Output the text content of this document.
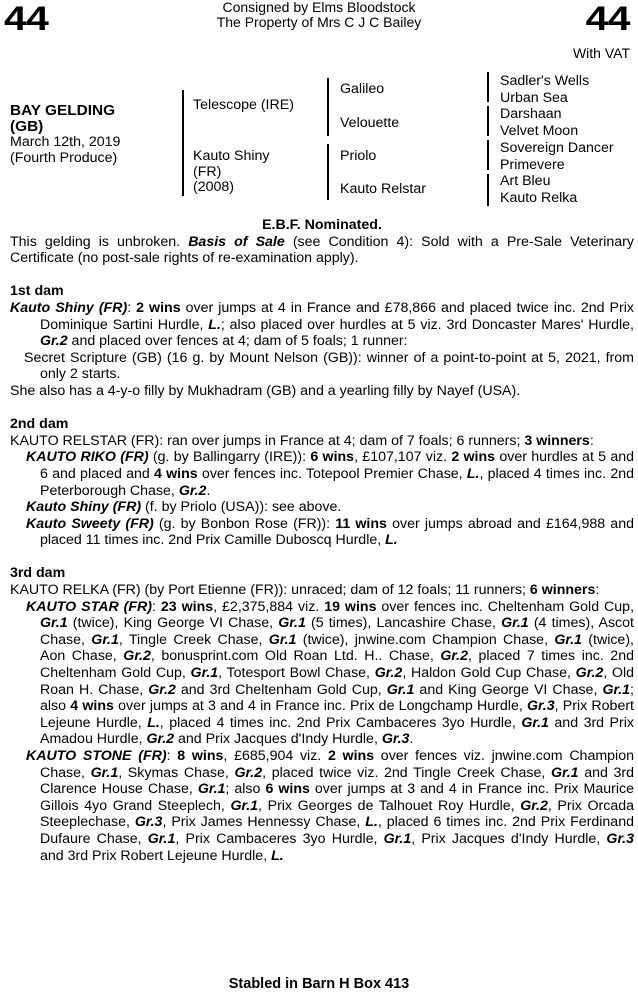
44	44
Consigned by Elms Bloodstock
The Property of Mrs C J C Bailey
With VAT
BAY GELDING
(GB)
March 12th, 2019
(Fourth Produce)
Telescope (IRE)
Kauto Shiny
(FR)
(2008)
Galileo
Velouette
Priolo
Kauto Relstar
Sadler's Wells
Urban Sea
Darshaan
Velvet Moon
Sovereign Dancer
Primevere
Art Bleu
Kauto Relka

E.B.F. Nominated.

This gelding is unbroken. Basis of Sale (see Condition 4): Sold with a Pre-Sale Veterinary Certificate (no post-sale rights of re-examination apply).

1st dam

Kauto Shiny (FR): 2 wins over jumps at 4 in France and £78,866 and placed twice inc. 2nd Prix Dominique Sartini Hurdle, L.; also placed over hurdles at 5 viz. 3rd Doncaster Mares' Hurdle, Gr.2 and placed over fences at 4; dam of 5 foals; 1 runner:

Secret Scripture (GB) (16 g. by Mount Nelson (GB)): winner of a point-to-point at 5, 2021, from only 2 starts.

She also has a 4-y-o filly by Mukhadram (GB) and a yearling filly by Nayef (USA).

2nd dam

KAUTO RELSTAR (FR): ran over jumps in France at 4; dam of 7 foals; 6 runners; 3 winners:

KAUTO RIKO (FR) (g. by Ballingarry (IRE)): 6 wins, £107,107 viz. 2 wins over hurdles at 5 and 6 and placed and 4 wins over fences inc. Totepool Premier Chase, L., placed 4 times inc. 2nd Peterborough Chase, Gr.2.

Kauto Shiny (FR) (f. by Priolo (USA)): see above.

Kauto Sweety (FR) (g. by Bonbon Rose (FR)): 11 wins over jumps abroad and £164,988 and placed 11 times inc. 2nd Prix Camille Duboscq Hurdle, L.

3rd dam

KAUTO RELKA (FR) (by Port Etienne (FR)): unraced; dam of 12 foals; 11 runners; 6 winners:

KAUTO STAR (FR): 23 wins, £2,375,884 viz. 19 wins over fences inc. Cheltenham Gold Cup, Gr.1 (twice), King George VI Chase, Gr.1 (5 times), Lancashire Chase, Gr.1 (4 times), Ascot Chase, Gr.1, Tingle Creek Chase, Gr.1 (twice), jnwine.com Champion Chase, Gr.1 (twice), Aon Chase, Gr.2, bonusprint.com Old Roan Ltd. H.. Chase, Gr.2, placed 7 times inc. 2nd Cheltenham Gold Cup, Gr.1, Totesport Bowl Chase, Gr.2, Haldon Gold Cup Chase, Gr.2, Old Roan H. Chase, Gr.2 and 3rd Cheltenham Gold Cup, Gr.1 and King George VI Chase, Gr.1; also 4 wins over jumps at 3 and 4 in France inc. Prix de Longchamp Hurdle, Gr.3, Prix Robert Lejeune Hurdle, L., placed 4 times inc. 2nd Prix Cambaceres 3yo Hurdle, Gr.1 and 3rd Prix Amadou Hurdle, Gr.2 and Prix Jacques d'Indy Hurdle, Gr.3.

KAUTO STONE (FR): 8 wins, £685,904 viz. 2 wins over fences viz. jnwine.com Champion Chase, Gr.1, Skymas Chase, Gr.2, placed twice viz. 2nd Tingle Creek Chase, Gr.1 and 3rd Clarence House Chase, Gr.1; also 6 wins over jumps at 3 and 4 in France inc. Prix Maurice Gillois 4yo Grand Steeplech, Gr.1, Prix Georges de Talhouet Roy Hurdle, Gr.2, Prix Orcada Steeplechase, Gr.3, Prix James Hennessy Chase, L., placed 6 times inc. 2nd Prix Ferdinand Dufaure Chase, Gr.1, Prix Cambaceres 3yo Hurdle, Gr.1, Prix Jacques d'Indy Hurdle, Gr.3 and 3rd Prix Robert Lejeune Hurdle, L.

Stabled in Barn H Box 413
